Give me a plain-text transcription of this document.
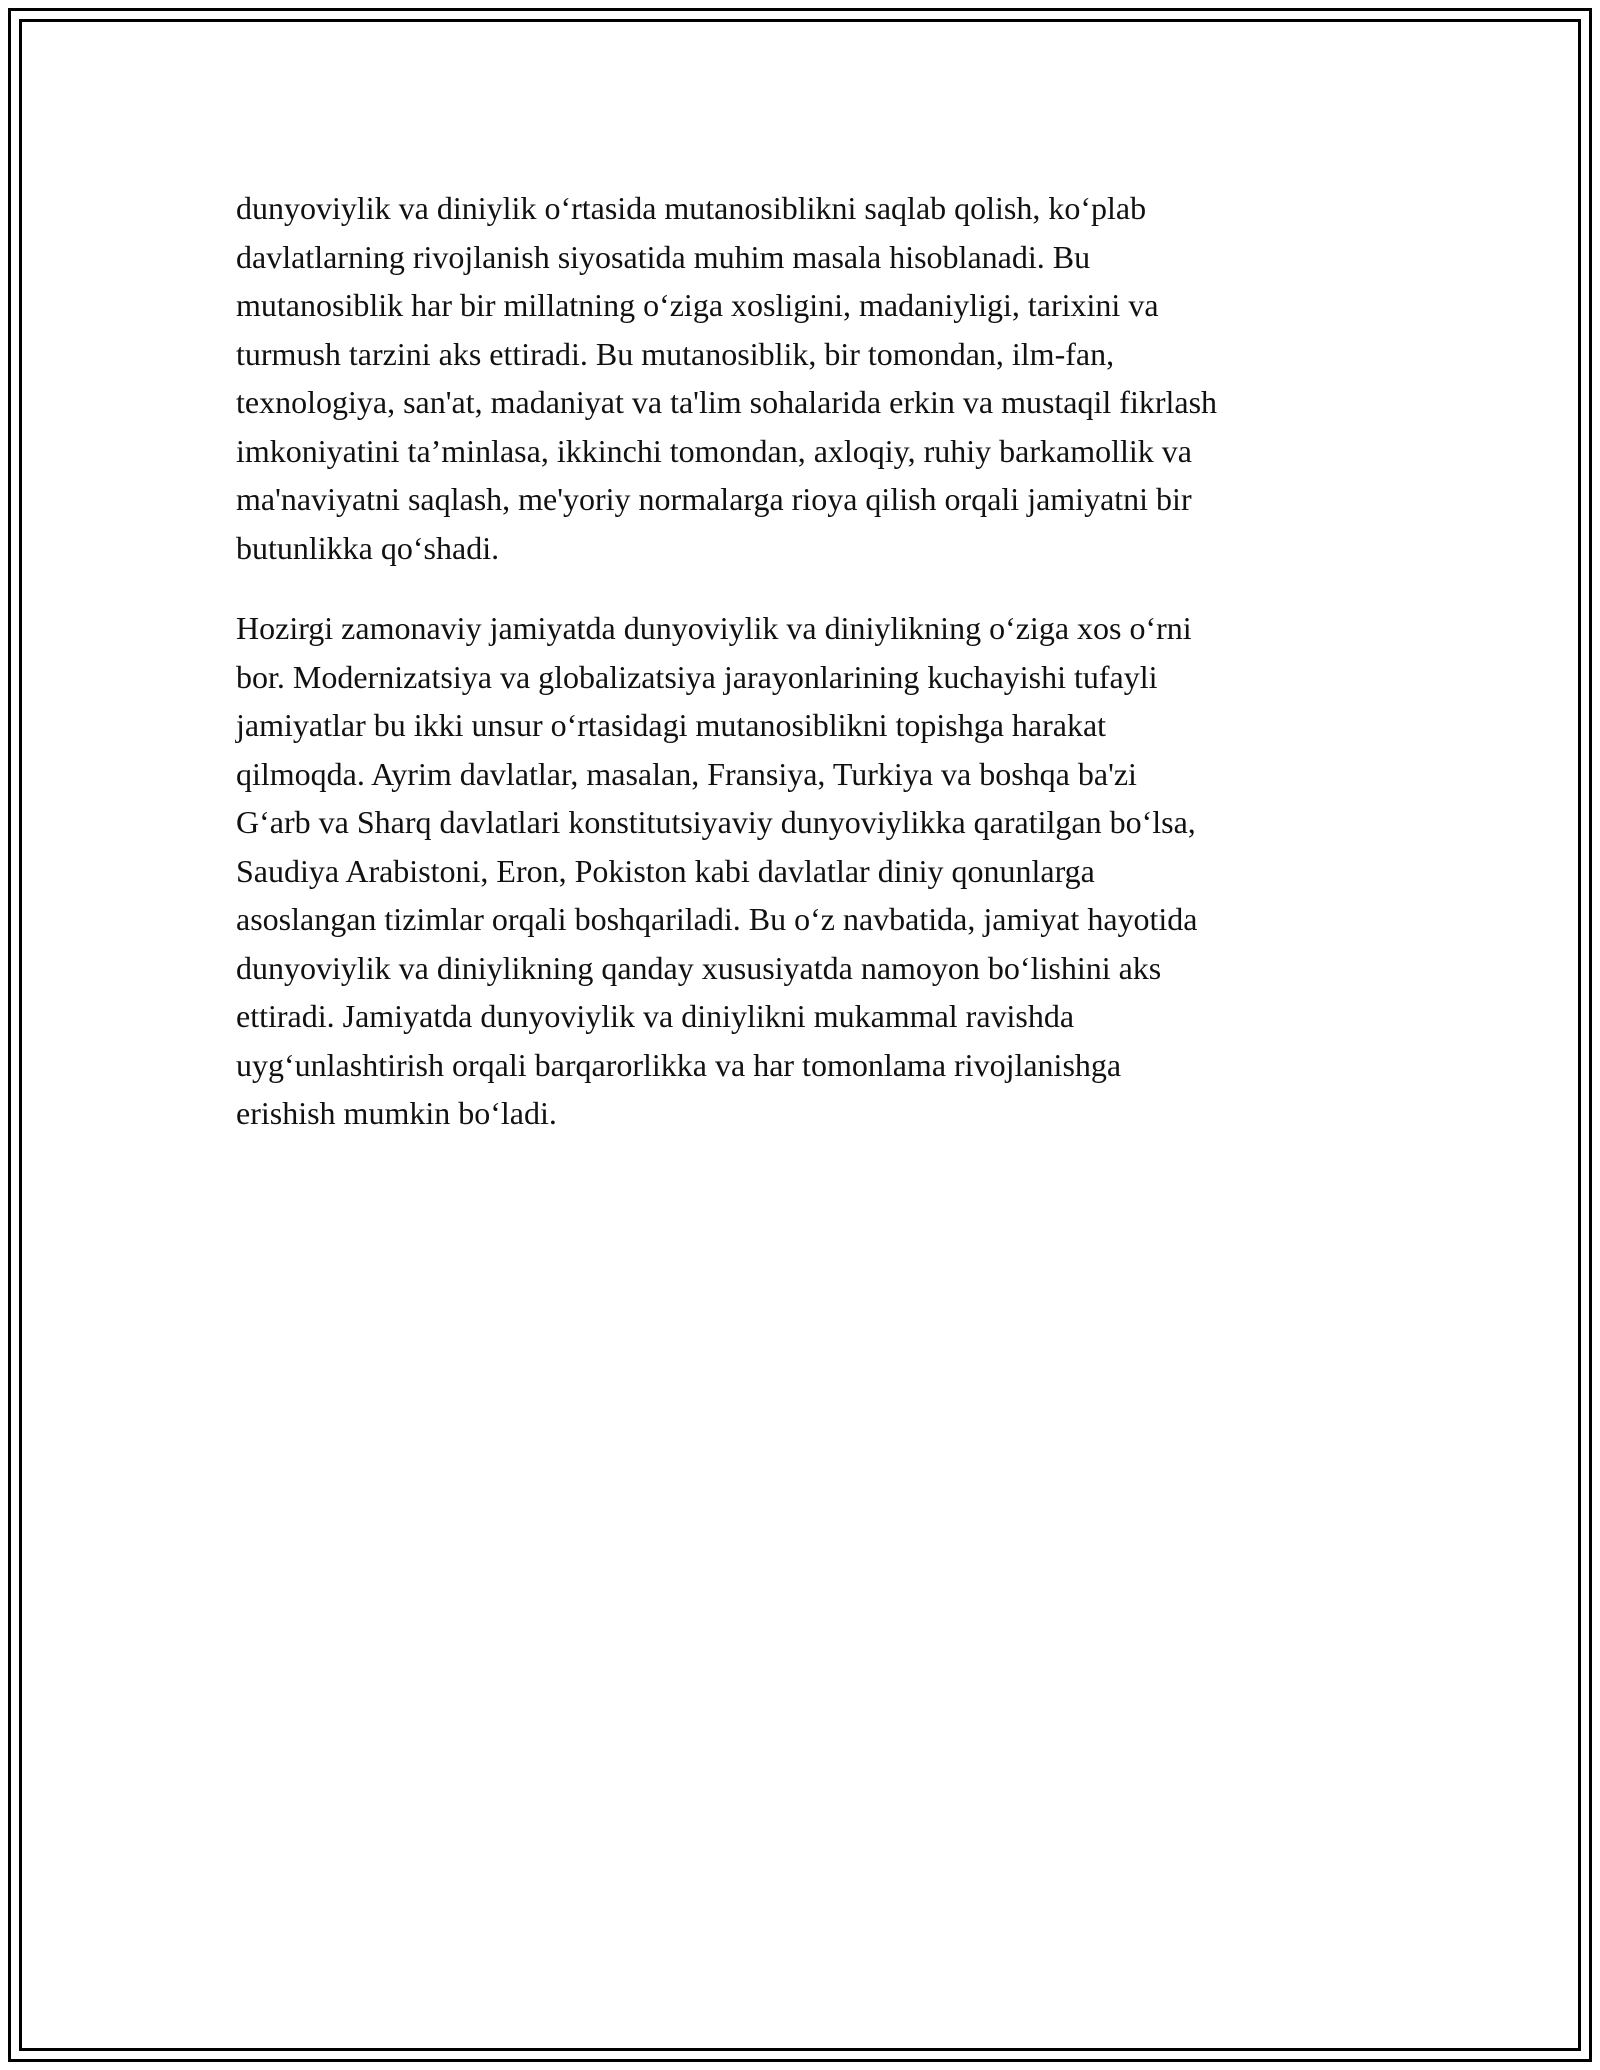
dunyoviylik va diniylik o‘rtasida mutanosiblikni saqlab qolish, ko‘plab
davlatlarning rivojlanish siyosatida muhim masala hisoblanadi. Bu
mutanosiblik har bir millatning o‘ziga xosligini, madaniyligi, tarixini va
turmush tarzini aks ettiradi. Bu mutanosiblik, bir tomondan, ilm-fan,
texnologiya, san'at, madaniyat va ta'lim sohalarida erkin va mustaqil fikrlash
imkoniyatini ta’minlasa, ikkinchi tomondan, axloqiy, ruhiy barkamollik va
ma'naviyatni saqlash, me'yoriy normalarga rioya qilish orqali jamiyatni bir
butunlikka qo‘shadi.

Hozirgi zamonaviy jamiyatda dunyoviylik va diniylikning o‘ziga xos o‘rni
bor. Modernizatsiya va globalizatsiya jarayonlarining kuchayishi tufayli
jamiyatlar bu ikki unsur o‘rtasidagi mutanosiblikni topishga harakat
qilmoqda. Ayrim davlatlar, masalan, Fransiya, Turkiya va boshqa ba'zi
G‘arb va Sharq davlatlari konstitutsiyaviy dunyoviylikka qaratilgan bo‘lsa,
Saudiya Arabistoni, Eron, Pokiston kabi davlatlar diniy qonunlarga
asoslangan tizimlar orqali boshqariladi. Bu o‘z navbatida, jamiyat hayotida
dunyoviylik va diniylikning qanday xususiyatda namoyon bo‘lishini aks
ettiradi. Jamiyatda dunyoviylik va diniylikni mukammal ravishda
uyg‘unlashtirish orqali barqarorlikka va har tomonlama rivojlanishga
erishish mumkin bo‘ladi.
